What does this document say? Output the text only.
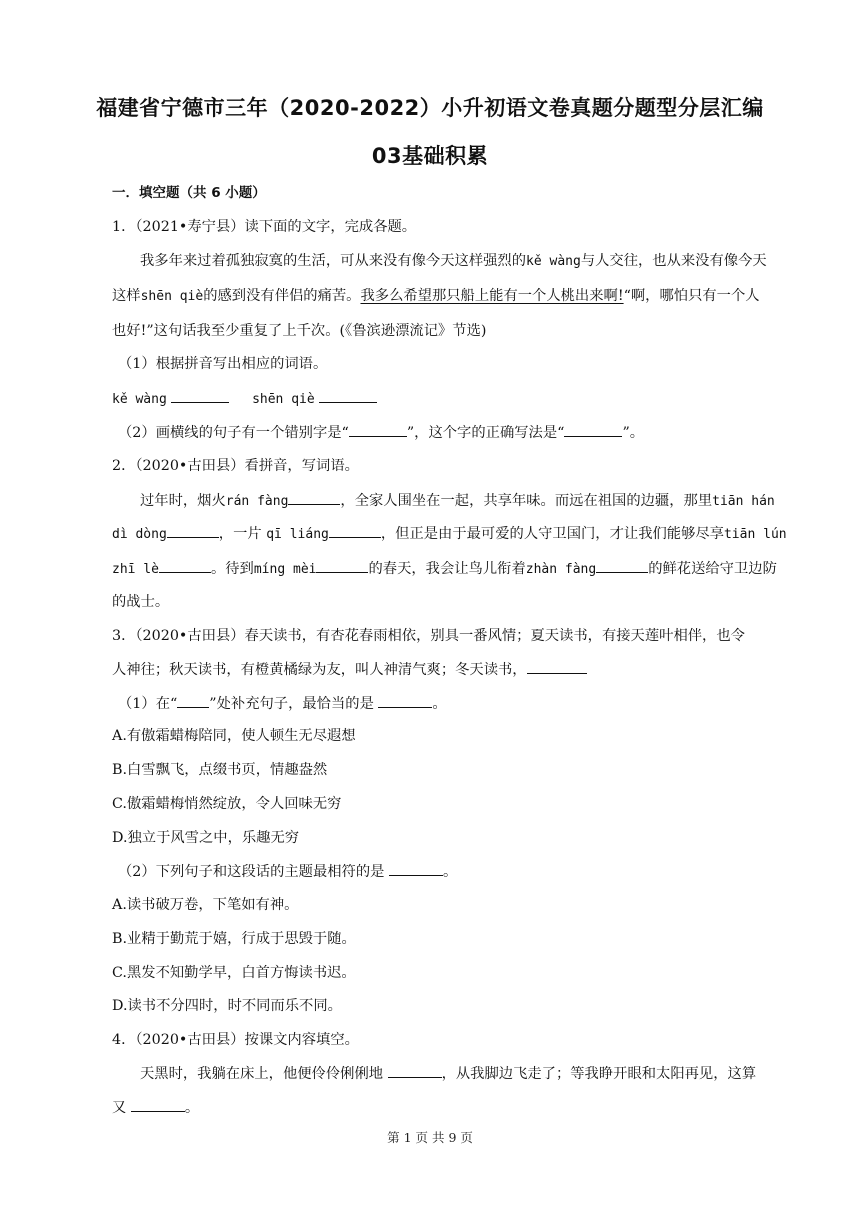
福建省宁德市三年（2020-2022）小升初语文卷真题分题型分层汇编
03基础积累
一．填空题（共 6 小题）
1．（2021•寿宁县）读下面的文字，完成各题。
我多年来过着孤独寂寞的生活，可从来没有像今天这样强烈的kě wàng与人交往，也从来没有像今天
这样shēn qiè的感到没有伴侣的痛苦。我多么希望那只船上能有一个人桃出来啊!“啊，哪怕只有一个人
也好!”这句话我至少重复了上千次。(《鲁滨逊漂流记》节选)
（1）根据拼音写出相应的词语。
kě wàng	shēn qiè
（2）画横线的句子有一个错别字是“	”，这个字的正确写法是“	”。
2．（2020•古田县）看拼音，写词语。
过年时，烟火rán fàng	，全家人围坐在一起，共享年味。而远在祖国的边疆，那里tiān hán
dì dòng	，一片 qī liáng	，但正是由于最可爱的人守卫国门，才让我们能够尽享tiān lún
zhī lè	。待到míng mèi	的春天，我会让鸟儿衔着zhàn fàng	的鲜花送给守卫边防
的战士。
3．（2020•古田县）春天读书，有杏花春雨相依，别具一番风情；夏天读书，有接天莲叶相伴，也令
人神往；秋天读书，有橙黄橘绿为友，叫人神清气爽；冬天读书，
（1）在“ ”处补充句子，最恰当的是	。
A.有傲霜蜡梅陪同，使人顿生无尽遐想
B.白雪飘飞，点缀书页，情趣盎然
C.傲霜蜡梅悄然绽放，令人回味无穷
D.独立于风雪之中，乐趣无穷
（2）下列句子和这段话的主题最相符的是	。
A.读书破万卷，下笔如有神。
B.业精于勤荒于嬉，行成于思毁于随。
C.黑发不知勤学早，白首方悔读书迟。
D.读书不分四时，时不同而乐不同。
4．（2020•古田县）按课文内容填空。
天黑时，我躺在床上，他便伶伶俐俐地	，从我脚边飞走了；等我睁开眼和太阳再见，这算
又	。
第 1 页 共 9 页
